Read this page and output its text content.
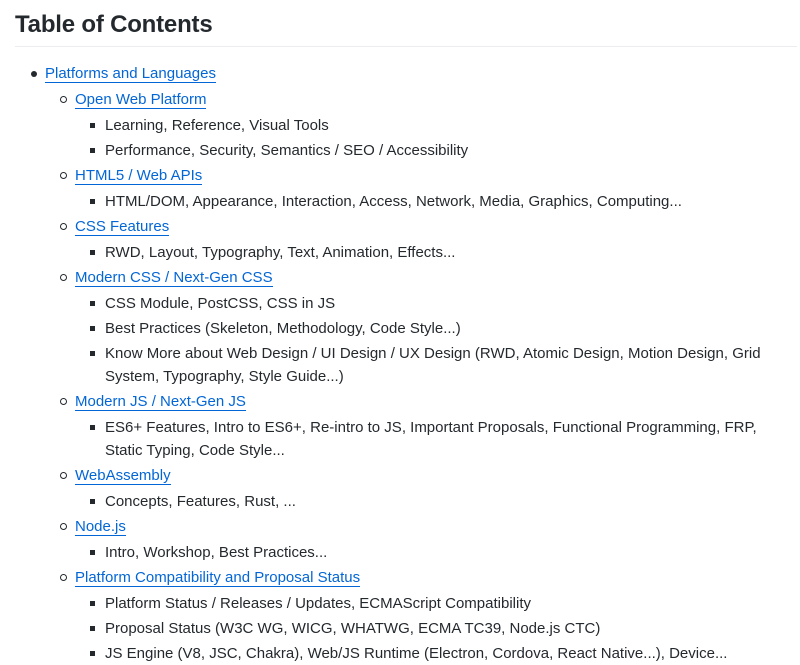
Table of Contents
Platforms and Languages
Open Web Platform
Learning, Reference, Visual Tools
Performance, Security, Semantics / SEO / Accessibility
HTML5 / Web APIs
HTML/DOM, Appearance, Interaction, Access, Network, Media, Graphics, Computing...
CSS Features
RWD, Layout, Typography, Text, Animation, Effects...
Modern CSS / Next-Gen CSS
CSS Module, PostCSS, CSS in JS
Best Practices (Skeleton, Methodology, Code Style...)
Know More about Web Design / UI Design / UX Design (RWD, Atomic Design, Motion Design, Grid System, Typography, Style Guide...)
Modern JS / Next-Gen JS
ES6+ Features, Intro to ES6+, Re-intro to JS, Important Proposals, Functional Programming, FRP, Static Typing, Code Style...
WebAssembly
Concepts, Features, Rust, ...
Node.js
Intro, Workshop, Best Practices...
Platform Compatibility and Proposal Status
Platform Status / Releases / Updates, ECMAScript Compatibility
Proposal Status (W3C WG, WICG, WHATWG, ECMA TC39, Node.js CTC)
JS Engine (V8, JSC, Chakra), Web/JS Runtime (Electron, Cordova, React Native...), Device...
